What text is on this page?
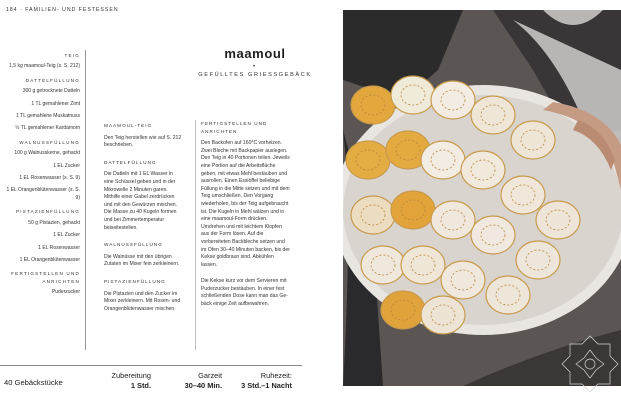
184 · FAMILIEN- UND FESTESSEN
TEIG
1,5 kg maamoul-Teig (s. S. 212)
DATTELFÜLLUNG
300 g getrocknete Datteln
1 TL gemahlener Zimt
1 TL gemahlene Muskatnuss
½ TL gemahlener Kardamom
WALNUSSFÜLLUNG
100 g Walnusskerne, gehackt
1 EL Zucker
1 EL Rosenwasser (s. S. 9)
1 EL Orangenblütenwasser (s. S. 9)
PISTAZIENFÜLLUNG
50 g Pistazien, gehackt
1 EL Zucker
1 EL Rosenwasser
1 EL Orangenblütenwasser
FERTIGSTELLEN UND ANRICHTEN
Puderzucker
maamoul
•
GEFÜLLTES GRIESSGEBÄCK
MAAMOUL-TEIG

Den Teig herstellen wie auf S. 212 beschrieben.

DATTELFÜLLUNG

Die Datteln mit 1 EL Wasser in eine Schüssel geben und in der Mikrowelle 2 Minuten garen. Mithilfe einer Gabel zerdrücken und mit den Gewürzen mischen. Die Masse zu 40 Kugeln formen und bei Zimmertemperatur beiseitestellen.

WALNUSSFÜLLUNG

Die Walnüsse mit den übrigen Zutaten im Mixer fein zerkleinern.

PISTAZIENFÜLLUNG

Die Pistazien und den Zucker im Mixer zerkleinern. Mit Rosen- und Orangenblütenwasser mischen.

FERTIGSTELLEN UND ANRICHTEN

Den Backofen auf 160°C vorheizen. Zwei Bleche mit Backpapier auslegen. Den Teig in 40 Portionen teilen. Jeweils eine Portion auf die Arbeitsfläche geben, mit etwas Mehl bestäuben und ausrollen. Einen Esslöffel beliebige Füllung in die Mitte setzen und mit dem Teig umschließen. Den Vorgang wiederholen, bis der Teig aufgebraucht ist. Die Kugeln in Mehl wälzen und in eine maamoul-Form drücken. Umdrehen und mit leichtem Klopfen aus der Form lösen. Auf die vorbereiteten Backbleche setzen und im Ofen 30–40 Minuten backen, bis der Kekse goldbraun sind. Abkühlen lassen.

Die Kekse kurz vor dem Servieren mit Puderzucker bestäuben. In einer fest schließenden Dose kann man das Gebäck einige Zeit aufbewahren.

40 Gebäckstücke
Zubereitung
1 Std.
Garzeit
30–40 Min.
Ruhezeit:
3 Std.–1 Nacht
